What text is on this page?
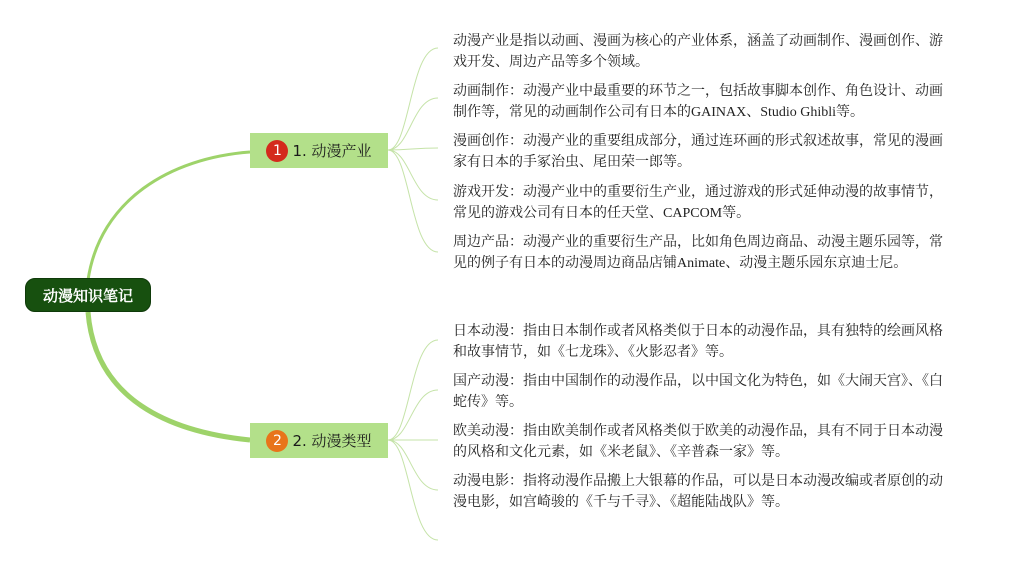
动漫知识笔记
1 1. 动漫产业
2 2. 动漫类型

动漫产业是指以动画、漫画为核心的产业体系，涵盖了动画制作、漫画创作、游戏开发、周边产品等多个领域。

动画制作：动漫产业中最重要的环节之一，包括故事脚本创作、角色设计、动画制作等，常见的动画制作公司有日本的GAINAX、Studio Ghibli等。

漫画创作：动漫产业的重要组成部分，通过连环画的形式叙述故事，常见的漫画家有日本的手冢治虫、尾田荣一郎等。

游戏开发：动漫产业中的重要衍生产业，通过游戏的形式延伸动漫的故事情节，常见的游戏公司有日本的任天堂、CAPCOM等。

周边产品：动漫产业的重要衍生产品，比如角色周边商品、动漫主题乐园等，常见的例子有日本的动漫周边商品店铺Animate、动漫主题乐园东京迪士尼。

日本动漫：指由日本制作或者风格类似于日本的动漫作品，具有独特的绘画风格和故事情节，如《七龙珠》、《火影忍者》等。

国产动漫：指由中国制作的动漫作品，以中国文化为特色，如《大闹天宫》、《白蛇传》等。

欧美动漫：指由欧美制作或者风格类似于欧美的动漫作品，具有不同于日本动漫的风格和文化元素，如《米老鼠》、《辛普森一家》等。

动漫电影：指将动漫作品搬上大银幕的作品，可以是日本动漫改编或者原创的动漫电影，如宫崎骏的《千与千寻》、《超能陆战队》等。
